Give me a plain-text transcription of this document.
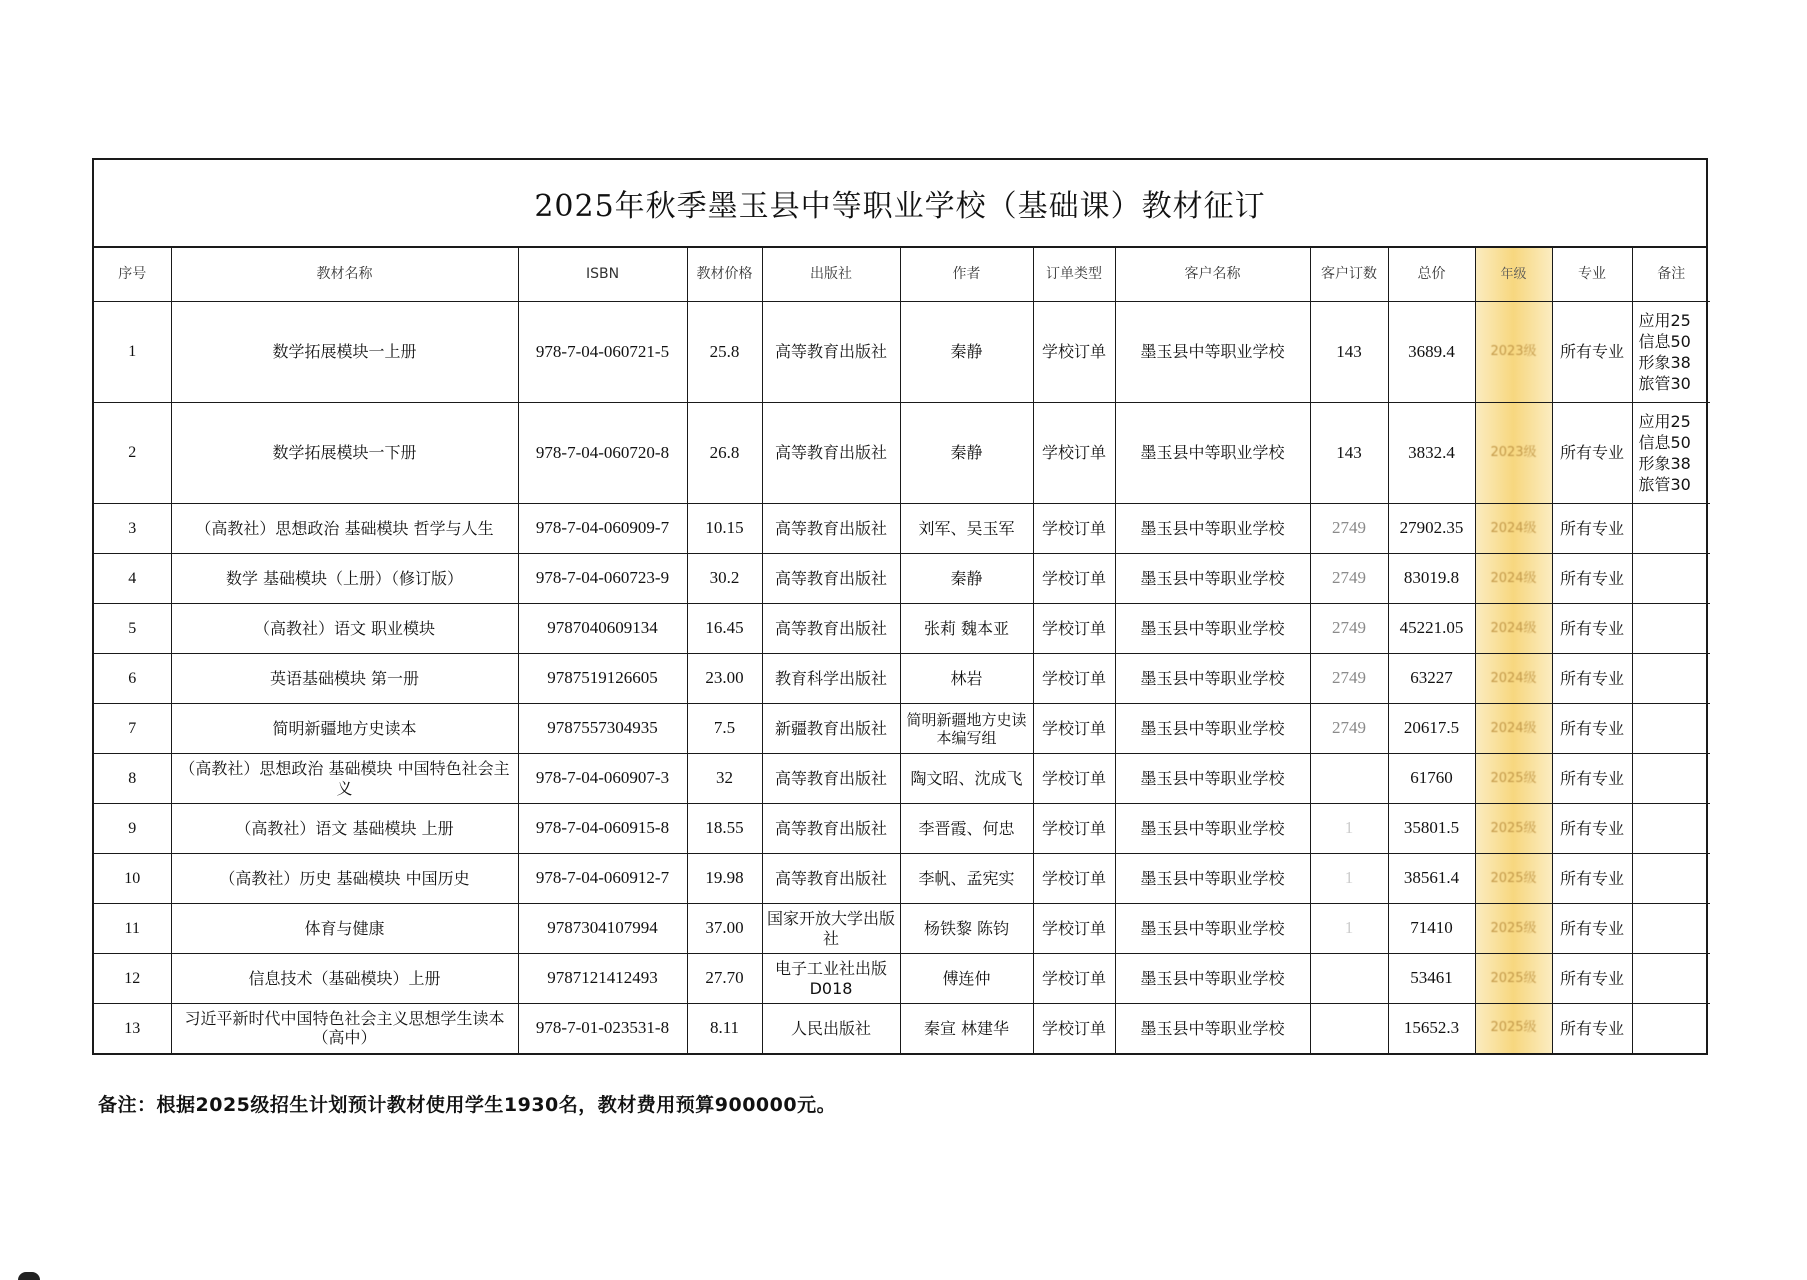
2025年秋季墨玉县中等职业学校（基础课）教材征订
序号	教材名称	ISBN	教材价格	出版社	作者	订单类型	客户名称	客户订数	总价	年级	专业	备注
1	数学拓展模块一上册	978-7-04-060721-5	25.8	高等教育出版社	秦静	学校订单	墨玉县中等职业学校	143	3689.4	2023级	所有专业	应用25
信息50
形象38
旅管30

2	数学拓展模块一下册	978-7-04-060720-8	26.8	高等教育出版社	秦静	学校订单	墨玉县中等职业学校	143	3832.4	2023级	所有专业	应用25
信息50
形象38
旅管30

3	（高教社）思想政治 基础模块 哲学与人生	978-7-04-060909-7	10.15	高等教育出版社	刘军、吴玉军	学校订单	墨玉县中等职业学校	2749	27902.35	2024级	所有专业	
4	数学 基础模块（上册）（修订版）	978-7-04-060723-9	30.2	高等教育出版社	秦静	学校订单	墨玉县中等职业学校	2749	83019.8	2024级	所有专业	
5	（高教社）语文 职业模块	9787040609134	16.45	高等教育出版社	张莉 魏本亚	学校订单	墨玉县中等职业学校	2749	45221.05	2024级	所有专业	
6	英语基础模块 第一册	9787519126605	23.00	教育科学出版社	林岩	学校订单	墨玉县中等职业学校	2749	63227	2024级	所有专业	
7	简明新疆地方史读本	9787557304935	7.5	新疆教育出版社	简明新疆地方史读本编写组	学校订单	墨玉县中等职业学校	2749	20617.5	2024级	所有专业	
8	（高教社）思想政治 基础模块 中国特色社会主义	978-7-04-060907-3	32	高等教育出版社	陶文昭、沈成飞	学校订单	墨玉县中等职业学校		61760	2025级	所有专业	
9	（高教社）语文 基础模块 上册	978-7-04-060915-8	18.55	高等教育出版社	李晋霞、何忠	学校订单	墨玉县中等职业学校	1	35801.5	2025级	所有专业	
10	（高教社）历史 基础模块 中国历史	978-7-04-060912-7	19.98	高等教育出版社	李帆、孟宪实	学校订单	墨玉县中等职业学校	1	38561.4	2025级	所有专业	
11	体育与健康	9787304107994	37.00	国家开放大学出版社	杨铁黎 陈钧	学校订单	墨玉县中等职业学校	1	71410	2025级	所有专业	
12	信息技术（基础模块）上册	9787121412493	27.70	电子工业社出版D018	傅连仲	学校订单	墨玉县中等职业学校		53461	2025级	所有专业	
13	习近平新时代中国特色社会主义思想学生读本（高中）	978-7-01-023531-8	8.11	人民出版社	秦宣 林建华	学校订单	墨玉县中等职业学校		15652.3	2025级	所有专业	
备注：根据2025级招生计划预计教材使用学生1930名，教材费用预算900000元。
